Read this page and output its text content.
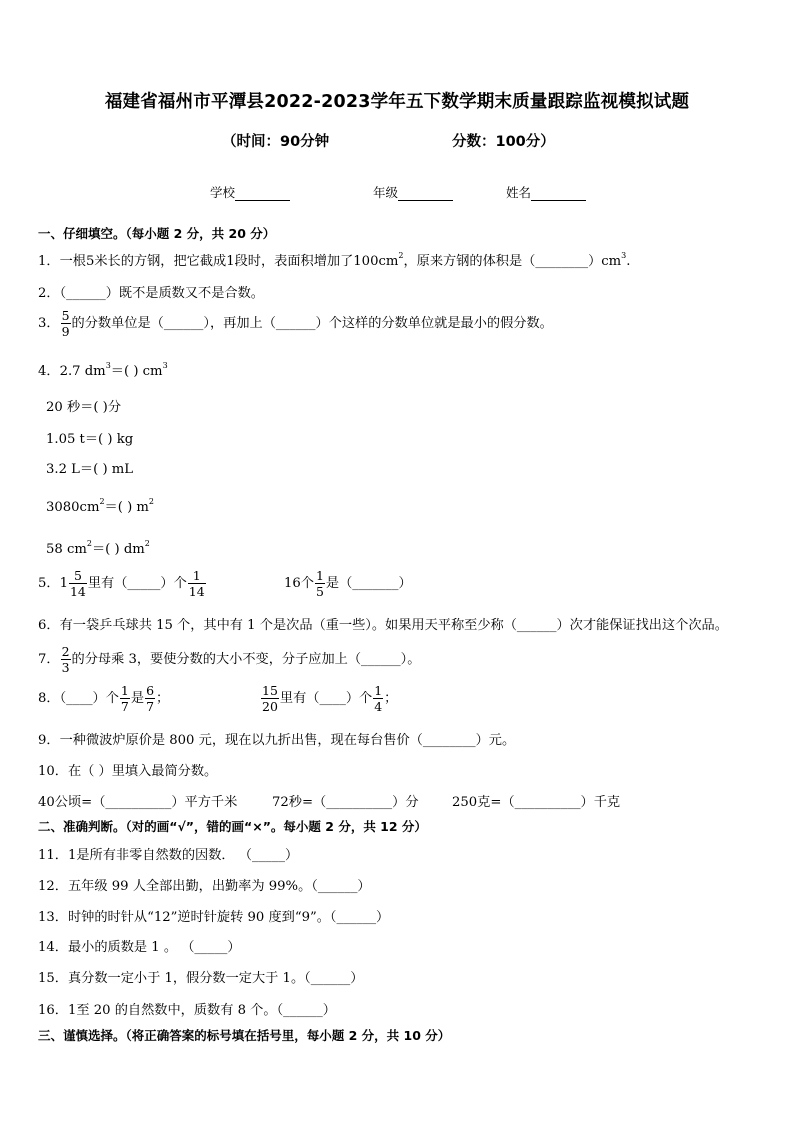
福建省福州市平潭县2022-2023学年五下数学期末质量跟踪监视模拟试题
（时间：90分钟	分数：100分）
学校	年级	姓名
一、仔细填空。（每小题 2 分，共 20 分）
1．一根5米长的方钢，把它截成1段时，表面积增加了$100cm^2$，原来方钢的体积是$(\_\_\_\_\_\_\_\_)cm^3$.
2．（______）既不是质数又不是合数。
3． $\frac{5}{9}$ 的分数单位是（______），再加上（______）个这样的分数单位就是最小的假分数。
4．2.7 $dm^3=$( ) $cm^3$
20 秒＝( )分
1.05 t＝( ) kg
3.2 L＝( ) mL
$3080cm^2=$( ) $m^2$
58 $cm^2=$( ) $dm^2$
5．$1 \frac{5}{14}$ 里有（_____）个 $\frac{1}{14}$	16个 $\frac{1}{5}$ 是（_______）
6．有一袋乒乓球共 15 个，其中有 1 个是次品（重一些）。如果用天平称至少称（______）次才能保证找出这个次品。
7． $\frac{2}{3}$ 的分母乘 3，要使分数的大小不变，分子应加上（______）。
8．（____）个 $\frac{1}{7}$ 是 $\frac{6}{7}$ ；	$\frac{15}{20}$ 里有（____）个 $\frac{1}{4}$ ；
9．一种微波炉原价是 800 元，现在以九折出售，现在每台售价（________）元。
10．在（ ）里填入最简分数。
40公顷=（__________）平方千米	72秒=（__________）分	250克=（__________）千克
二、准确判断。（对的画“√”，错的画“×”。每小题 2 分，共 12 分）
11．1是所有非零自然数的因数． （_____）
12．五年级 99 人全部出勤，出勤率为 99%。（______）
13．时钟的时针从“12”逆时针旋转 90 度到“9”。（______）
14．最小的质数是 1 。 （_____）
15．真分数一定小于 1，假分数一定大于 1。（______）
16．1至 20 的自然数中，质数有 8 个。（______）
三、谨慎选择。（将正确答案的标号填在括号里，每小题 2 分，共 10 分）
